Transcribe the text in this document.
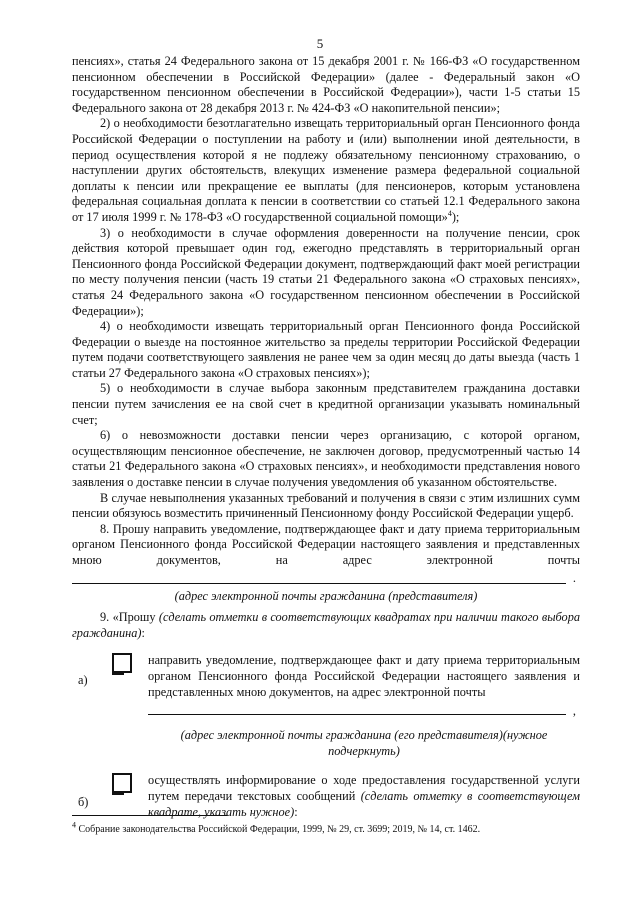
5

пенсиях», статья 24 Федерального закона от 15 декабря 2001 г. № 166-ФЗ «О государственном пенсионном обеспечении в Российской Федерации» (далее - Федеральный закон «О государственном пенсионном обеспечении в Российской Федерации»), части 1-5 статьи 15 Федерального закона от 28 декабря 2013 г. № 424-ФЗ «О накопительной пенсии»;

2) о необходимости безотлагательно извещать территориальный орган Пенсионного фонда Российской Федерации о поступлении на работу и (или) выполнении иной деятельности, в период осуществления которой я не подлежу обязательному пенсионному страхованию, о наступлении других обстоятельств, влекущих изменение размера федеральной социальной доплаты к пенсии или прекращение ее выплаты (для пенсионеров, которым установлена федеральная социальная доплата к пенсии в соответствии со статьей 12.1 Федерального закона от 17 июля 1999 г. № 178-ФЗ «О государственной социальной помощи»$^4$);

3) о необходимости в случае оформления доверенности на получение пенсии, срок действия которой превышает один год, ежегодно представлять в территориальный орган Пенсионного фонда Российской Федерации документ, подтверждающий факт моей регистрации по месту получения пенсии (часть 19 статьи 21 Федерального закона «О страховых пенсиях», статья 24 Федерального закона «О государственном пенсионном обеспечении в Российской Федерации»);

4) о необходимости извещать территориальный орган Пенсионного фонда Российской Федерации о выезде на постоянное жительство за пределы территории Российской Федерации путем подачи соответствующего заявления не ранее чем за один месяц до даты выезда (часть 1 статьи 27 Федерального закона «О страховых пенсиях»);

5) о необходимости в случае выбора законным представителем гражданина доставки пенсии путем зачисления ее на свой счет в кредитной организации указывать номинальный счет;

6) о невозможности доставки пенсии через организацию, с которой органом, осуществляющим пенсионное обеспечение, не заключен договор, предусмотренный частью 14 статьи 21 Федерального закона «О страховых пенсиях», и необходимости представления нового заявления о доставке пенсии в случае получения уведомления об указанном обстоятельстве.

В случае невыполнения указанных требований и получения в связи с этим излишних сумм пенсии обязуюсь возместить причиненный Пенсионному фонду Российской Федерации ущерб.

8. Прошу направить уведомление, подтверждающее факт и дату приема территориальным органом Пенсионного фонда Российской Федерации настоящего заявления и представленных мною документов, на адрес электронной почты

.
(адрес электронной почты гражданина (представителя)

9. «Прошу (сделать отметки в соответствующих квадратах при наличии такого выбора гражданина):

а)
направить уведомление, подтверждающее факт и дату приема территориальным органом Пенсионного фонда Российской Федерации настоящего заявления и представленных мною документов, на адрес электронной почты
,
(адрес электронной почты гражданина (его представителя)(нужное подчеркнуть)
б)
осуществлять информирование о ходе предоставления государственной услуги путем передачи текстовых сообщений (сделать отметку в соответствующем квадрате, указать нужное):
$^4$ Собрание законодательства Российской Федерации, 1999, № 29, ст. 3699; 2019, № 14, ст. 1462.
